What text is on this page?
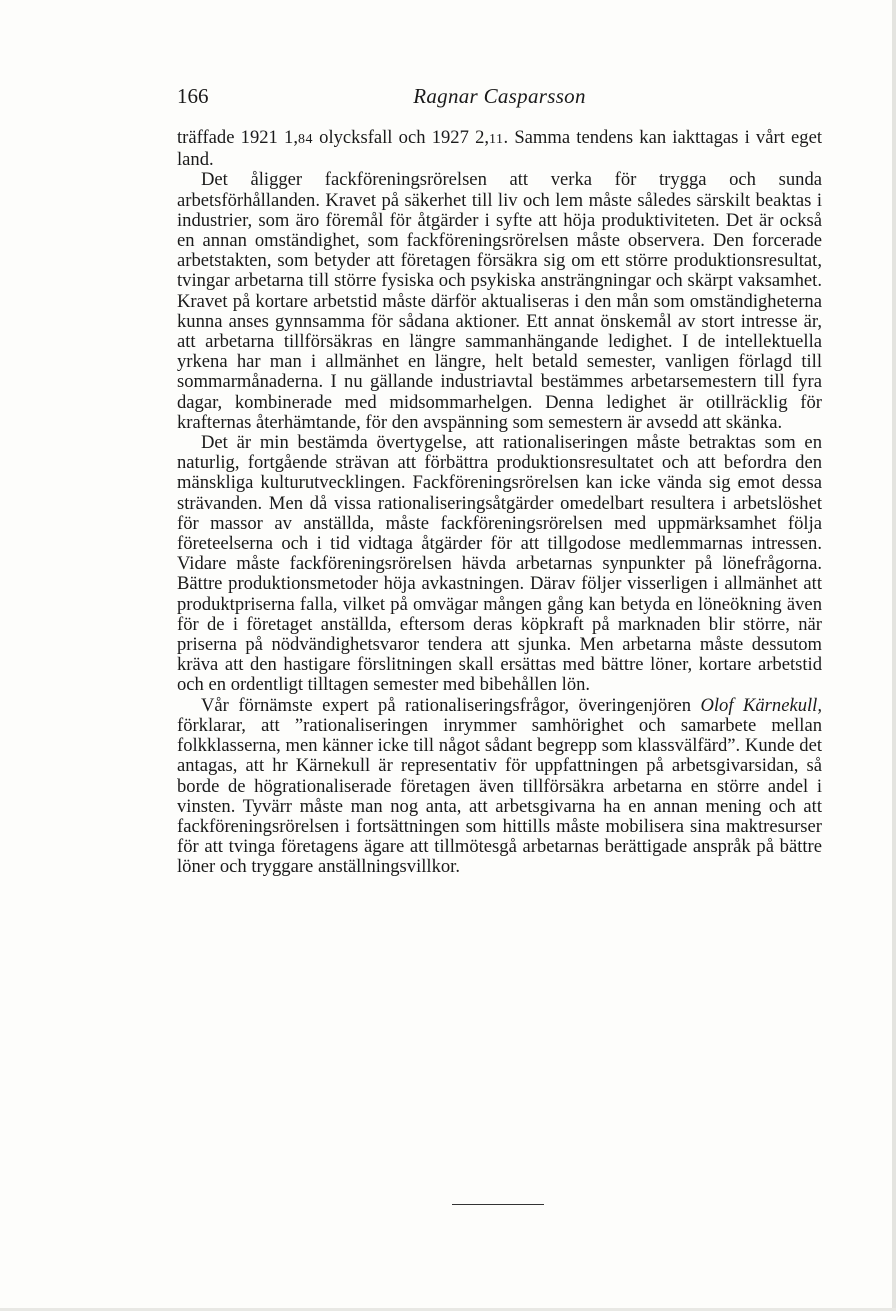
166	Ragnar Casparsson

träffade 1921 1,84 olycksfall och 1927 2,11. Samma tendens kan iakttagas i vårt eget land.

Det åligger fackföreningsrörelsen att verka för trygga och sunda arbetsförhållanden. Kravet på säkerhet till liv och lem måste således särskilt beaktas i industrier, som äro föremål för åtgärder i syfte att höja produktiviteten. Det är också en annan omständighet, som fackföreningsrörelsen måste observera. Den forcerade arbetstakten, som betyder att företagen försäkra sig om ett större produktionsresultat, tvingar arbetarna till större fysiska och psykiska ansträngningar och skärpt vaksamhet. Kravet på kortare arbetstid måste därför aktualiseras i den mån som omständigheterna kunna anses gynnsamma för sådana aktioner. Ett annat önskemål av stort intresse är, att arbetarna tillförsäkras en längre sammanhängande ledighet. I de intellektuella yrkena har man i allmänhet en längre, helt betald semester, vanligen förlagd till sommarmånaderna. I nu gällande industriavtal bestämmes arbetarsemestern till fyra dagar, kombinerade med midsommarhelgen. Denna ledighet är otillräcklig för krafternas återhämtande, för den avspänning som semestern är avsedd att skänka.

Det är min bestämda övertygelse, att rationaliseringen måste betraktas som en naturlig, fortgående strävan att förbättra produktionsresultatet och att befordra den mänskliga kulturutvecklingen. Fackföreningsrörelsen kan icke vända sig emot dessa strävanden. Men då vissa rationaliseringsåtgärder omedelbart resultera i arbetslöshet för massor av anställda, måste fackföreningsrörelsen med uppmärksamhet följa företeelserna och i tid vidtaga åtgärder för att tillgodose medlemmarnas intressen. Vidare måste fackföreningsrörelsen hävda arbetarnas synpunkter på lönefrågorna. Bättre produktionsmetoder höja avkastningen. Därav följer visserligen i allmänhet att produktpriserna falla, vilket på omvägar mången gång kan betyda en löneökning även för de i företaget anställda, eftersom deras köpkraft på marknaden blir större, när priserna på nödvändighetsvaror tendera att sjunka. Men arbetarna måste dessutom kräva att den hastigare förslitningen skall ersättas med bättre löner, kortare arbetstid och en ordentligt tilltagen semester med bibehållen lön.

Vår förnämste expert på rationaliseringsfrågor, överingenjören Olof Kärnekull, förklarar, att ”rationaliseringen inrymmer samhörighet och samarbete mellan folkklasserna, men känner icke till något sådant begrepp som klassvälfärd”. Kunde det antagas, att hr Kärnekull är representativ för uppfattningen på arbetsgivarsidan, så borde de högrationaliserade företagen även tillförsäkra arbetarna en större andel i vinsten. Tyvärr måste man nog anta, att arbetsgivarna ha en annan mening och att fackföreningsrörelsen i fortsättningen som hittills måste mobilisera sina maktresurser för att tvinga företagens ägare att tillmötesgå arbetarnas berättigade anspråk på bättre löner och tryggare anställningsvillkor.
